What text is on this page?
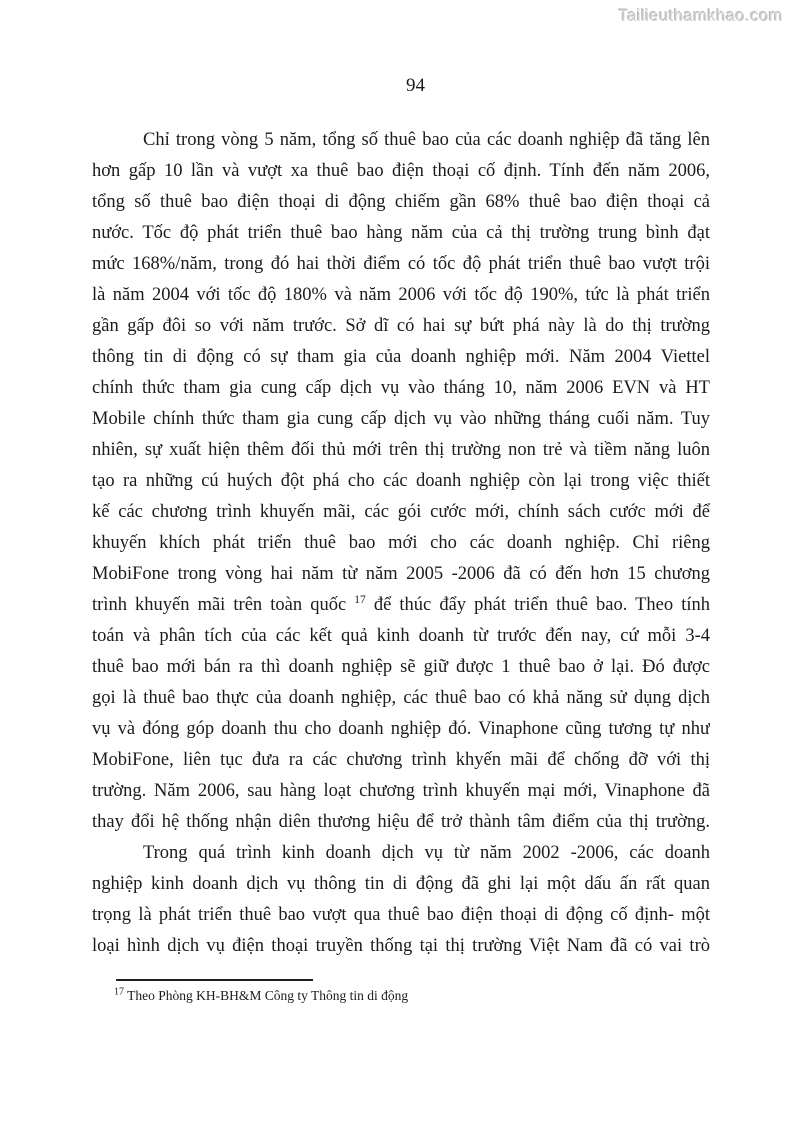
Tailieuthamkhao.com
94
Chỉ trong vòng 5 năm, tổng số thuê bao của các doanh nghiệp đã tăng lên
hơn gấp 10 lần và vượt xa thuê bao điện thoại cố định. Tính đến năm 2006,
tổng số thuê bao điện thoại di động chiếm gần 68% thuê bao điện thoại cả
nước. Tốc độ phát triển thuê bao hàng năm của cả thị trường trung bình đạt
mức 168%/năm, trong đó hai thời điểm có tốc độ phát triển thuê bao vượt trội
là năm 2004 với tốc độ 180% và năm 2006 với tốc độ 190%, tức là phát triển
gần gấp đôi so với năm trước. Sở dĩ có hai sự bứt phá này là do thị trường
thông tin di động có sự tham gia của doanh nghiệp mới. Năm 2004 Viettel
chính thức tham gia cung cấp dịch vụ vào tháng 10, năm 2006 EVN và HT
Mobile chính thức tham gia cung cấp dịch vụ vào những tháng cuối năm. Tuy
nhiên, sự xuất hiện thêm đối thủ mới trên thị trường non trẻ và tiềm năng luôn
tạo ra những cú huých đột phá cho các doanh nghiệp còn lại trong việc thiết
kế các chương trình khuyến mãi, các gói cước mới, chính sách cước mới để
khuyến khích phát triển thuê bao mới cho các doanh nghiệp. Chỉ riêng
MobiFone trong vòng hai năm từ năm 2005 -2006 đã có đến hơn 15 chương
trình khuyến mãi trên toàn quốc $^{17}$ để thúc đẩy phát triển thuê bao. Theo tính
toán và phân tích của các kết quả kinh doanh từ trước đến nay, cứ mỗi 3-4
thuê bao mới bán ra thì doanh nghiệp sẽ giữ được 1 thuê bao ở lại. Đó được
gọi là thuê bao thực của doanh nghiệp, các thuê bao có khả năng sử dụng dịch
vụ và đóng góp doanh thu cho doanh nghiệp đó. Vinaphone cũng tương tự như
MobiFone, liên tục đưa ra các chương trình khyến mãi để chống đỡ với thị
trường. Năm 2006, sau hàng loạt chương trình khuyến mại mới, Vinaphone đã
thay đổi hệ thống nhận diên thương hiệu để trở thành tâm điểm của thị trường.
Trong quá trình kinh doanh dịch vụ từ năm 2002 -2006, các doanh
nghiệp kinh doanh dịch vụ thông tin di động đã ghi lại một dấu ấn rất quan
trọng là phát triển thuê bao vượt qua thuê bao điện thoại di động cố định- một
loại hình dịch vụ điện thoại truyền thống tại thị trường Việt Nam đã có vai trò
$^{17}$ Theo Phòng KH-BH&M Công ty Thông tin di động
